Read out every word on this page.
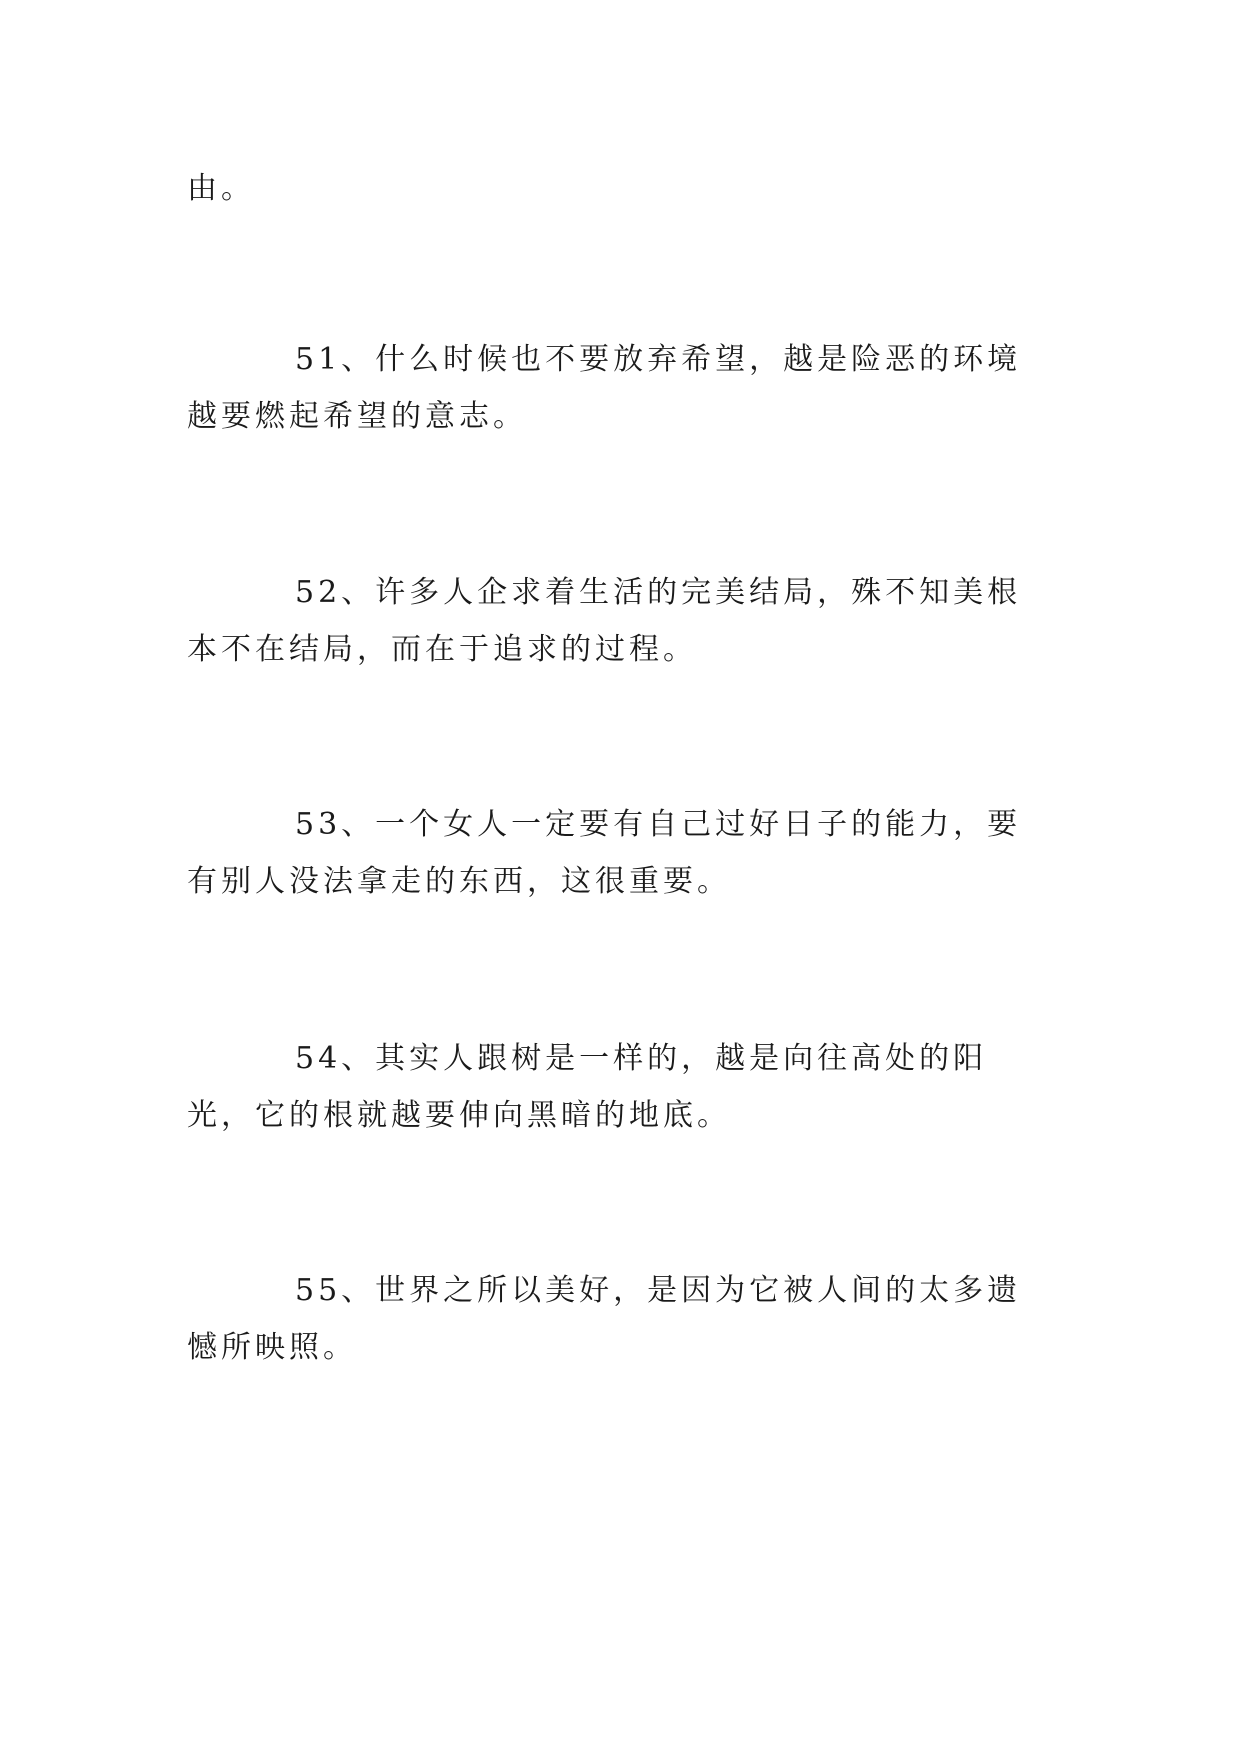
由。

51、什么时候也不要放弃希望，越是险恶的环境越要燃起希望的意志。

52、许多人企求着生活的完美结局，殊不知美根本不在结局，而在于追求的过程。

53、一个女人一定要有自己过好日子的能力，要有别人没法拿走的东西，这很重要。

54、其实人跟树是一样的，越是向往高处的阳光，它的根就越要伸向黑暗的地底。

55、世界之所以美好，是因为它被人间的太多遗憾所映照。
